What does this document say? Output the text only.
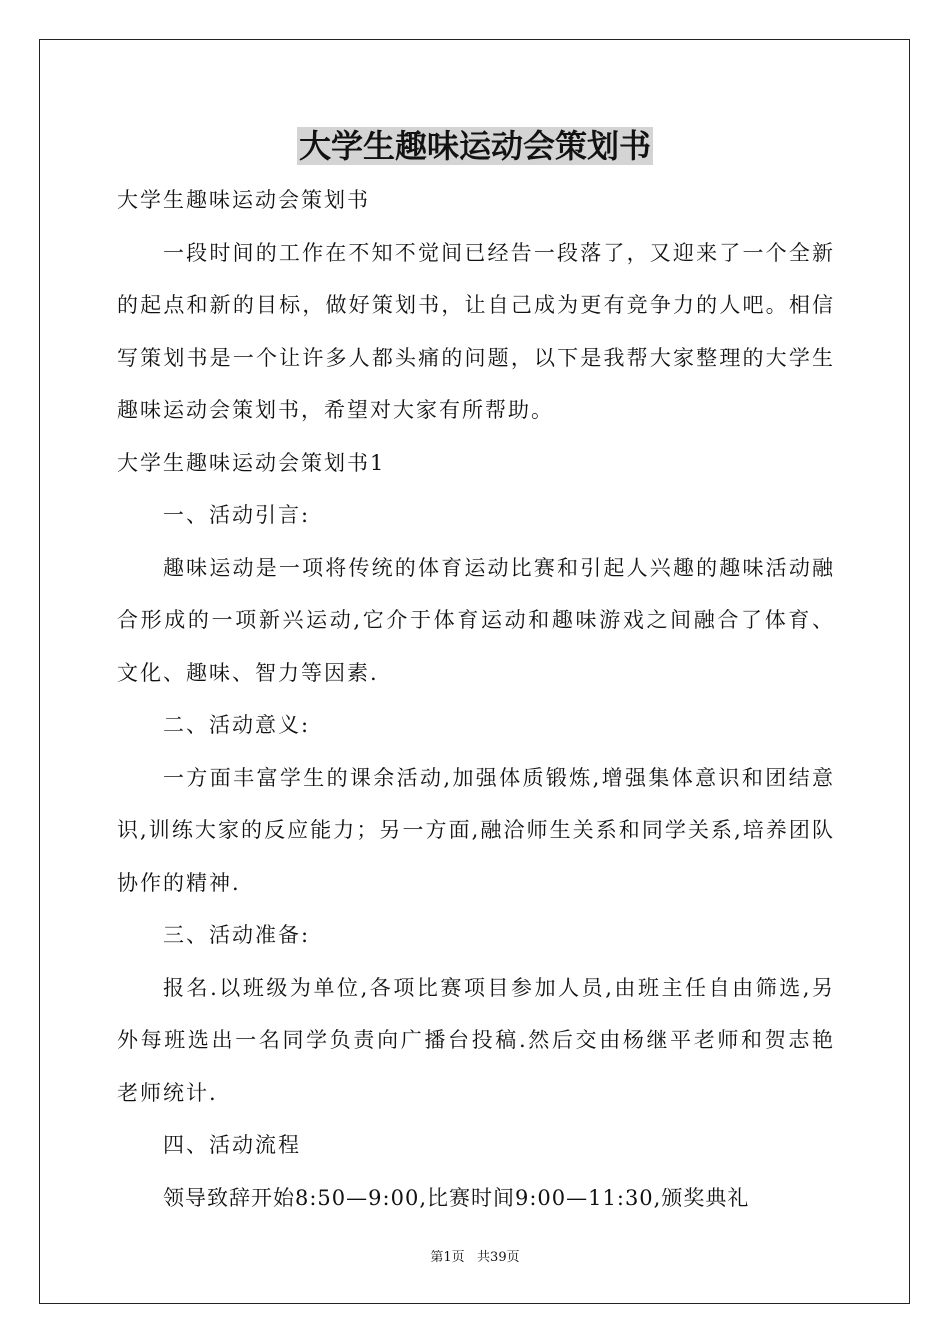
大学生趣味运动会策划书

大学生趣味运动会策划书

一段时间的工作在不知不觉间已经告一段落了，又迎来了一个全新的起点和新的目标，做好策划书，让自己成为更有竞争力的人吧。相信写策划书是一个让许多人都头痛的问题，以下是我帮大家整理的大学生趣味运动会策划书，希望对大家有所帮助。

大学生趣味运动会策划书1

一、活动引言:

趣味运动是一项将传统的体育运动比赛和引起人兴趣的趣味活动融合形成的一项新兴运动,它介于体育运动和趣味游戏之间融合了体育、文化、趣味、智力等因素.

二、活动意义:

一方面丰富学生的课余活动,加强体质锻炼,增强集体意识和团结意识,训练大家的反应能力；另一方面,融洽师生关系和同学关系,培养团队协作的精神.

三、活动准备:

报名.以班级为单位,各项比赛项目参加人员,由班主任自由筛选,另外每班选出一名同学负责向广播台投稿.然后交由杨继平老师和贺志艳老师统计.

四、活动流程

领导致辞开始8:50—9:00,比赛时间9:00—11:30,颁奖典礼

第1页   共39页
